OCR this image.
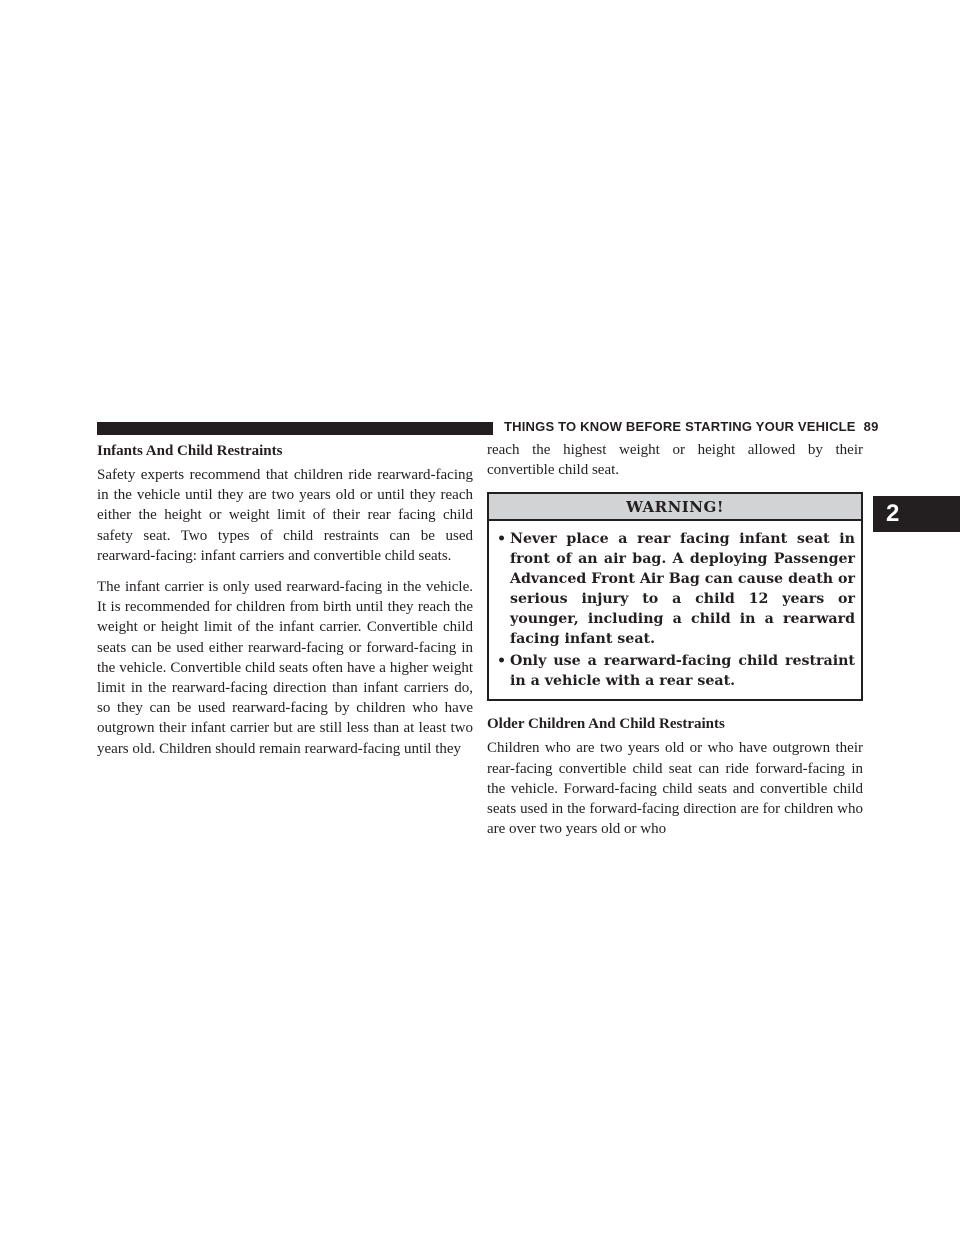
THINGS TO KNOW BEFORE STARTING YOUR VEHICLE 89
2
Infants And Child Restraints

Safety experts recommend that children ride rearward-facing in the vehicle until they are two years old or until they reach either the height or weight limit of their rear facing child safety seat. Two types of child restraints can be used rearward-facing: infant carriers and convertible child seats.

The infant carrier is only used rearward-facing in the vehicle. It is recommended for children from birth until they reach the weight or height limit of the infant carrier. Convertible child seats can be used either rearward-facing or forward-facing in the vehicle. Convertible child seats often have a higher weight limit in the rearward-facing direction than infant carriers do, so they can be used rearward-facing by children who have outgrown their infant carrier but are still less than at least two years old. Children should remain rearward-facing until they

reach the highest weight or height allowed by their convertible child seat.

WARNING!
• Never place a rear facing infant seat in front of an air bag. A deploying Passenger Advanced Front Air Bag can cause death or serious injury to a child 12 years or younger, including a child in a rearward facing infant seat.
• Only use a rearward-facing child restraint in a vehicle with a rear seat.
Older Children And Child Restraints

Children who are two years old or who have outgrown their rear-facing convertible child seat can ride forward-facing in the vehicle. Forward-facing child seats and convertible child seats used in the forward-facing direction are for children who are over two years old or who
